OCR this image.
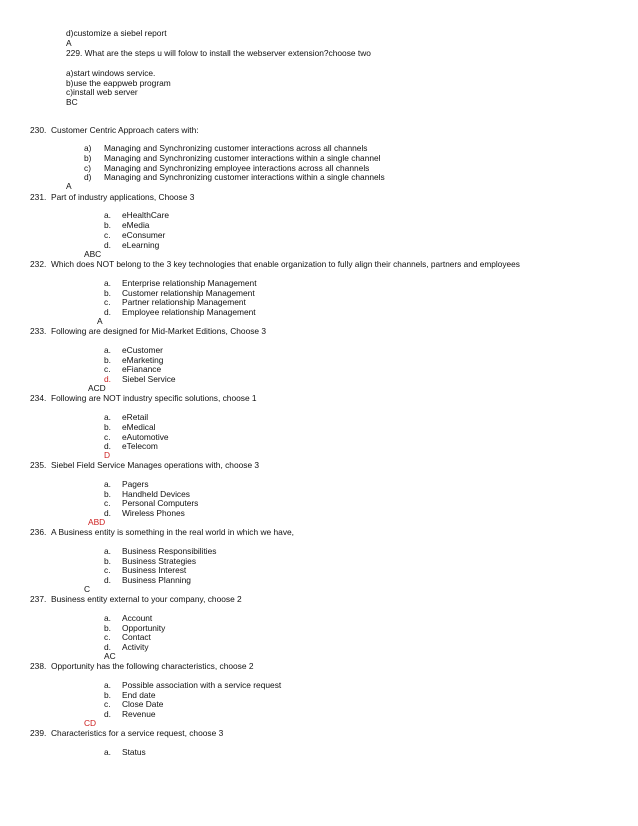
d)customize a siebel report
A
229. What are the steps u will folow to install the webserver extension?choose two
a)start windows service.
b)use the eappweb program
c)install web server
BC
230. Customer Centric Approach caters with:
a) Managing and Synchronizing customer interactions across all channels
b) Managing and Synchronizing customer interactions within a single channel
c) Managing and Synchronizing employee interactions across all channels
d) Managing and Synchronizing customer interactions within a single channels
A
231. Part of industry applications, Choose 3
a. eHealthCare
b. eMedia
c. eConsumer
d. eLearning
ABC
232. Which does NOT belong to the 3 key technologies that enable organization to fully align their channels, partners and employees
a. Enterprise relationship Management
b. Customer relationship Management
c. Partner relationship Management
d. Employee relationship Management
A
233. Following are designed for Mid-Market Editions, Choose 3
a. eCustomer
b. eMarketing
c. eFianance
d. Siebel Service
ACD
234. Following are NOT industry specific solutions, choose 1
a. eRetail
b. eMedical
c. eAutomotive
d. eTelecom
D
235. Siebel Field Service Manages operations with, choose 3
a. Pagers
b. Handheld Devices
c. Personal Computers
d. Wireless Phones
ABD
236. A Business entity is something in the real world in which we have,
a. Business Responsibilities
b. Business Strategies
c. Business Interest
d. Business Planning
C
237. Business entity external to your company, choose 2
a. Account
b. Opportunity
c. Contact
d. Activity
AC
238. Opportunity has the following characteristics, choose 2
a. Possible association with a service request
b. End date
c. Close Date
d. Revenue
CD
239. Characteristics for a service request, choose 3
a. Status
